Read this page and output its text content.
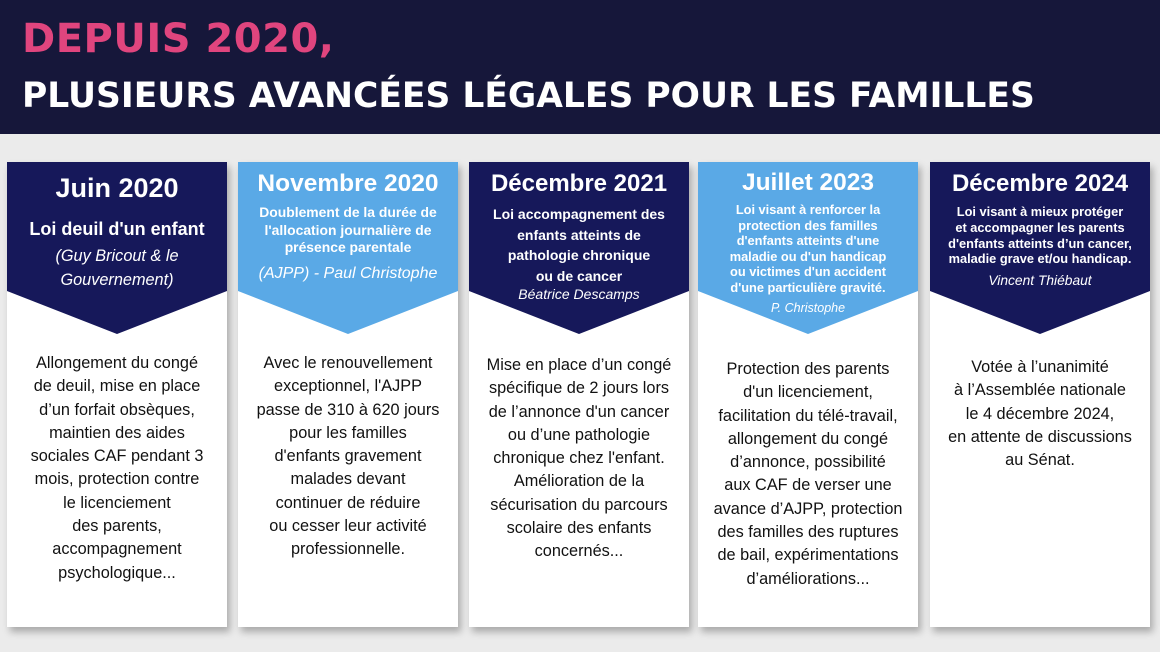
DEPUIS 2020,
PLUSIEURS AVANCÉES LÉGALES POUR LES FAMILLES
Juin 2020
Loi deuil d'un enfant
(Guy Bricout & le
Gouvernement)
Allongement du congé
de deuil, mise en place
d’un forfait obsèques,
maintien des aides
sociales CAF pendant 3
mois, protection contre
le licenciement
des parents,
accompagnement
psychologique...
Novembre 2020
Doublement de la durée de
l'allocation journalière de
présence parentale
(AJPP) - Paul Christophe
Avec le renouvellement
exceptionnel, l'AJPP
passe de 310 à 620 jours
pour les familles
d'enfants gravement
malades devant
continuer de réduire
ou cesser leur activité
professionnelle.
Décembre 2021
Loi accompagnement des
enfants atteints de
pathologie chronique
ou de cancer
Béatrice Descamps
Mise en place d’un congé
spécifique de 2 jours lors
de l’annonce d'un cancer
ou d’une pathologie
chronique chez l'enfant.
Amélioration de la
sécurisation du parcours
scolaire des enfants
concernés...
Juillet 2023
Loi visant à renforcer la
protection des familles
d'enfants atteints d'une
maladie ou d'un handicap
ou victimes d'un accident
d'une particulière gravité.
P. Christophe
Protection des parents
d'un licenciement,
facilitation du télé-travail,
allongement du congé
d’annonce, possibilité
aux CAF de verser une
avance d’AJPP, protection
des familles des ruptures
de bail, expérimentations
d’améliorations...
Décembre 2024
Loi visant à mieux protéger
et accompagner les parents
d'enfants atteints d’un cancer,
maladie grave et/ou handicap.
Vincent Thiébaut
Votée à l’unanimité
à l’Assemblée nationale
le 4 décembre 2024,
en attente de discussions
au Sénat.
